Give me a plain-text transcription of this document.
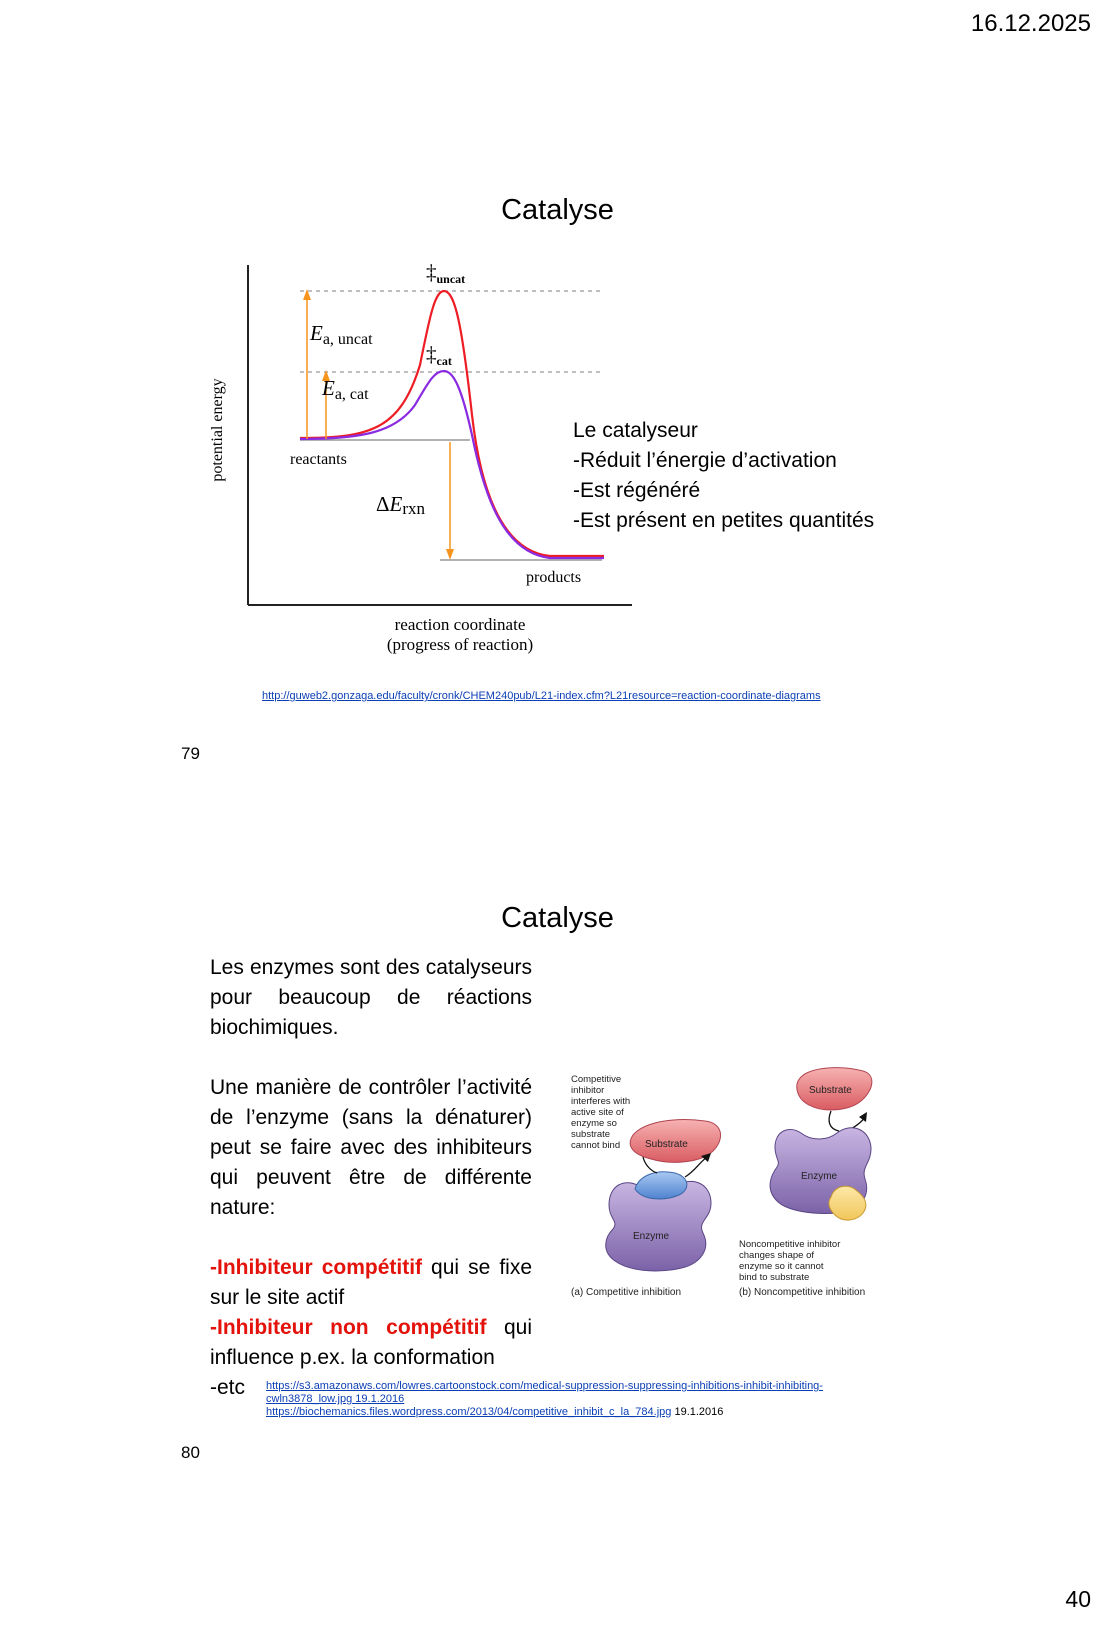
16.12.2025
Catalyse
‡uncat
‡cat
Ea, uncat
Ea, cat
ΔErxn
reactants
products
potential energy
reaction coordinate
(progress of reaction)
Le catalyseur
-Réduit l’énergie d’activation
-Est régénéré
-Est présent en petites quantités
http://guweb2.gonzaga.edu/faculty/cronk/CHEM240pub/L21-index.cfm?L21resource=reaction-coordinate-diagrams
79
Catalyse

Les enzymes sont des catalyseurs pour beaucoup de réactions biochimiques.

Une manière de contrôler l’activité de l’enzyme (sans la dénaturer) peut se faire avec des inhibiteurs qui peuvent être de différente nature:

-Inhibiteur compétitif qui se fixe sur le site actif

-Inhibiteur non compétitif qui influence p.ex. la conformation

-etc

Competitive inhibitor interferes with active site of enzyme so substrate cannot bind	Substrate
Enzyme
(a) Competitive inhibition
Substrate
Enzyme
Noncompetitive inhibitor changes shape of enzyme so it cannot bind to substrate
(b) Noncompetitive inhibition
https://s3.amazonaws.com/lowres.cartoonstock.com/medical-suppression-suppressing-inhibitions-inhibit-inhibiting-
cwln3878_low.jpg 19.1.2016
https://biochemanics.files.wordpress.com/2013/04/competitive_inhibit_c_la_784.jpg 19.1.2016
80
40
